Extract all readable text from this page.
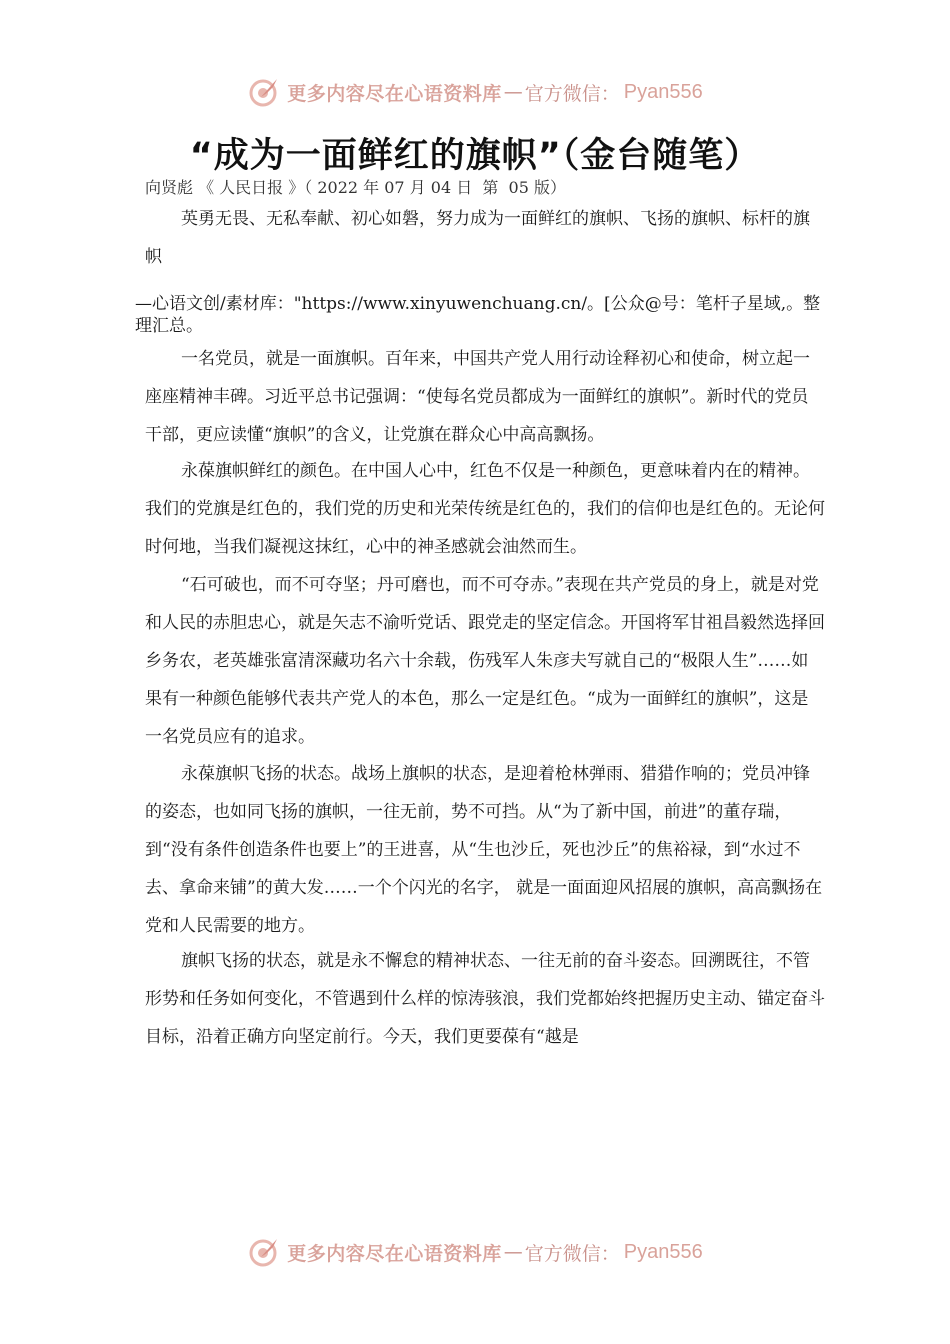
更多内容尽在心语资料库 — 官方微信： Pyan556
“成为一面鲜红的旗帜”（金台随笔）
向贤彪 《 人民日报 》（ 2022 年 07 月 04 日  第  05 版）

英勇无畏、无私奉献、初心如磐，努力成为一面鲜红的旗帜、飞扬的旗帜、标杆的旗帜

—心语文创/素材库："https://www.xinyuwenchuang.cn/。[公众@号：笔杆子星域,。整理汇总。

一名党员，就是一面旗帜。百年来，中国共产党人用行动诠释初心和使命，树立起一座座精神丰碑。习近平总书记强调：“使每名党员都成为一面鲜红的旗帜”。新时代的党员干部，更应读懂“旗帜”的含义，让党旗在群众心中高高飘扬。

永葆旗帜鲜红的颜色。在中国人心中，红色不仅是一种颜色，更意味着内在的精神。我们的党旗是红色的，我们党的历史和光荣传统是红色的，我们的信仰也是红色的。无论何时何地，当我们凝视这抹红，心中的神圣感就会油然而生。

“石可破也，而不可夺坚；丹可磨也，而不可夺赤。”表现在共产党员的身上，就是对党和人民的赤胆忠心，就是矢志不渝听党话、跟党走的坚定信念。开国将军甘祖昌毅然选择回乡务农，老英雄张富清深藏功名六十余载，伤残军人朱彦夫写就自己的“极限人生”……如果有一种颜色能够代表共产党人的本色，那么一定是红色。“成为一面鲜红的旗帜”，这是一名党员应有的追求。

永葆旗帜飞扬的状态。战场上旗帜的状态，是迎着枪林弹雨、猎猎作响的；党员冲锋的姿态，也如同飞扬的旗帜，一往无前，势不可挡。从“为了新中国，前进”的董存瑞，到“没有条件创造条件也要上”的王进喜，从“生也沙丘，死也沙丘”的焦裕禄，到“水过不去、拿命来铺”的黄大发……一个个闪光的名字， 就是一面面迎风招展的旗帜，高高飘扬在党和人民需要的地方。

旗帜飞扬的状态，就是永不懈怠的精神状态、一往无前的奋斗姿态。回溯既往，不管形势和任务如何变化，不管遇到什么样的惊涛骇浪，我们党都始终把握历史主动、锚定奋斗目标，沿着正确方向坚定前行。今天，我们更要葆有“越是

更多内容尽在心语资料库 — 官方微信： Pyan556
